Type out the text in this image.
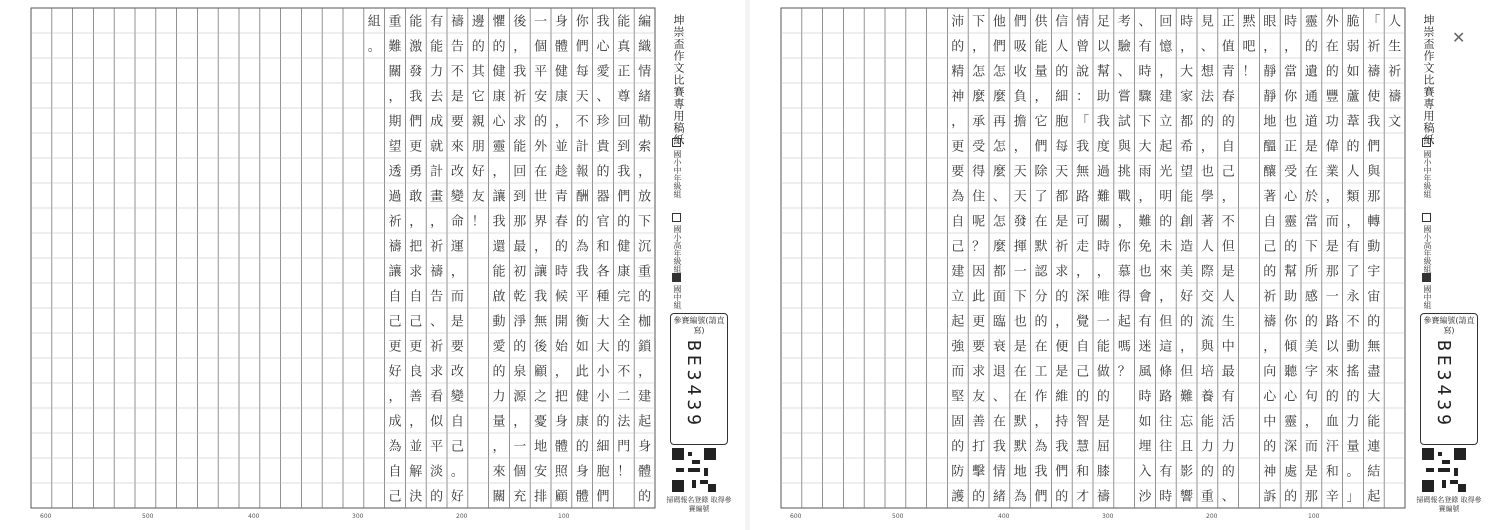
編
織
情
緒
勒
索
，
放
下
沉
重
的
枷
鎖
，
建
起
身
體
的
能
真
正
尊
回
到
我
們
的
健
康
完
全
的
不
二
法
門
！
我
心
愛
、
珍
貴
的
器
官
和
各
種
大
大
小
小
的
細
胞
們
你
們
每
天
不
計
報
酬
的
為
我
平
衡
如
此
健
康
的
身
體
身
體
健
康
，
並
趁
青
春
的
時
候
開
始
，
把
身
體
照
顧
一
個
平
安
的
外
在
世
界
，
讓
我
無
後
顧
之
憂
地
安
排
後
，
我
祈
求
能
回
到
那
最
初
乾
淨
的
泉
源
，
一
個
充
懼
的
健
康
心
靈
，
讓
我
還
能
啟
動
愛
的
力
量
，
來
關
邊
的
其
它
親
朋
好
友
！
禱
告
不
是
要
來
改
變
命
運
，
而
是
要
改
變
自
己
。
好
有
能
力
去
成
就
計
畫
，
祈
禱
告
、
祈
求
看
似
平
淡
的
能
激
發
我
們
更
勇
敢
，
把
求
自
己
更
良
善
，
並
解
決
重
難
關
，
期
望
透
過
祈
禱
讓
自
己
更
好
，
成
為
自
己
組
。	坤崇盃作文比賽專用稿紙
國小中年級組
國小高年級組
國中組
參賽編號(請直寫)
BE3439
掃碼報名登錄 取得參賽編號
600	500	400	300	200	100
人
生
祈
禱
文
「
祈
禱
使
我
們
與
那
轉
動
宇
宙
的
無
盡
大
能
連
結
起
脆
弱
如
蘆
葦
的
人
類
，
有
了
永
不
動
搖
的
力
量
。
」
外
在
的
豐
功
偉
業
，
而
是
那
一
路
以
來
的
血
汗
和
辛
靈
的
遺
通
道
是
在
於
當
下
所
感
的
美
字
句
，
而
是
那
時
，
當
你
也
正
受
心
靈
的
幫
助
你
傾
聽
心
靈
深
處
的
眼
，
靜
靜
地
醞
釀
著
自
己
的
祈
禱
，
向
心
中
的
神
訴
黙
吧
！
正
值
青
春
的
自
己
，
不
但
是
人
生
中
最
有
活
力
的
、
見
、
想
法
的
，
也
學
著
人
際
交
流
與
培
養
能
力
的
重
時
，
大
家
都
希
望
能
創
造
美
好
的
，
但
難
忘
且
影
響
回
憶
，
建
立
起
光
明
的
未
來
，
但
這
條
路
往
往
有
時
、
有
時
驟
下
大
雨
，
難
免
也
會
有
迷
風
時
如
埋
入
沙
考
驗
、
嘗
試
與
挑
戰
，
你
慕
得
起
嗎
？
足
以
幫
助
我
度
過
難
關
時
，
唯
一
能
做
的
是
屈
膝
禱
情
曾
說
：
「
我
無
路
可
走
，
深
覺
自
己
的
智
慧
和
才
信
人
的
細
胞
每
天
都
是
祈
求
的
，
便
是
維
持
我
們
的
供
能
量
，
它
們
除
了
在
默
認
分
的
在
工
作
，
為
我
們
們
吸
收
負
擔
，
天
天
發
揮
一
下
也
是
在
在
默
默
地
為
他
們
怎
麼
再
怎
麼
、
怎
麼
都
面
臨
衰
退
、
在
我
情
緒
下
，
怎
麼
承
受
得
住
呢
？
因
此
更
要
求
友
善
打
擊
的
沛
的
精
神
，
更
要
為
自
己
建
立
起
強
而
堅
固
的
防
護
坤崇盃作文比賽專用稿紙
國小中年級組
國小高年級組
國中組
參賽編號(請直寫)
BE3439
掃碼報名登錄 取得參賽編號
✕
600	500	400	300	200	100
